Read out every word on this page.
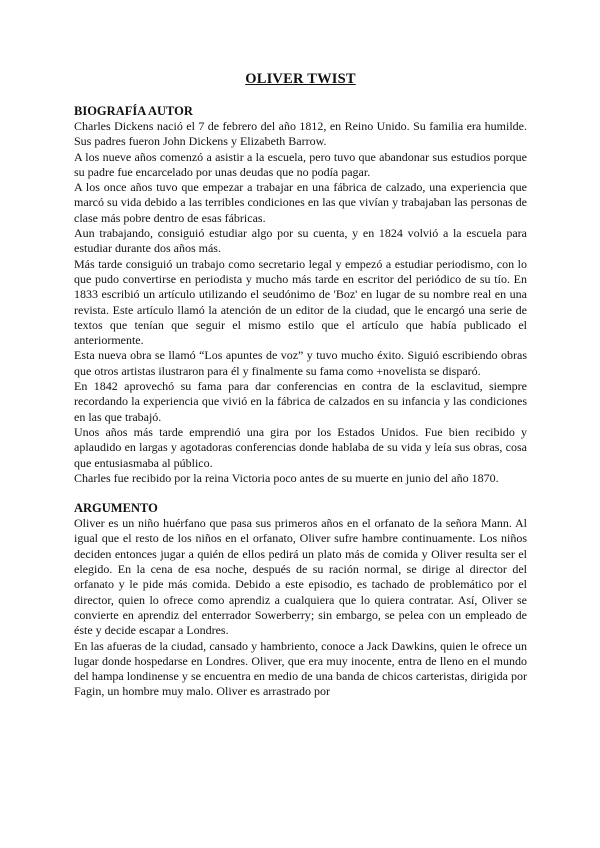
OLIVER TWIST

BIOGRAFÍA AUTOR

Charles Dickens nació el 7 de febrero del año 1812, en Reino Unido. Su familia era humilde. Sus padres fueron John Dickens y Elizabeth Barrow.

A los nueve años comenzó a asistir a la escuela, pero tuvo que abandonar sus estudios porque su padre fue encarcelado por unas deudas que no podía pagar.

A los once años tuvo que empezar a trabajar en una fábrica de calzado, una experiencia que marcó su vida debido a las terribles condiciones en las que vivían y trabajaban las personas de clase más pobre dentro de esas fábricas.

Aun trabajando, consiguió estudiar algo por su cuenta, y en 1824 volvió a la escuela para estudiar durante dos años más.

Más tarde consiguió un trabajo como secretario legal y empezó a estudiar periodismo, con lo que pudo convertirse en periodista y mucho más tarde en escritor del periódico de su tío. En 1833 escribió un artículo utilizando el seudónimo de 'Boz' en lugar de su nombre real en una revista. Este artículo llamó la atención de un editor de la ciudad, que le encargó una serie de textos que tenían que seguir el mismo estilo que el artículo que había publicado el anteriormente.

Esta nueva obra se llamó “Los apuntes de voz” y tuvo mucho éxito. Siguió escribiendo obras que otros artistas ilustraron para él y finalmente su fama como +novelista se disparó.

En 1842 aprovechó su fama para dar conferencias en contra de la esclavitud, siempre recordando la experiencia que vivió en la fábrica de calzados en su infancia y las condiciones en las que trabajó.

Unos años más tarde emprendió una gira por los Estados Unidos. Fue bien recibido y aplaudido en largas y agotadoras conferencias donde hablaba de su vida y leía sus obras, cosa que entusiasmaba al público.

Charles fue recibido por la reina Victoria poco antes de su muerte en junio del año 1870.

ARGUMENTO

Oliver es un niño huérfano que pasa sus primeros años en el orfanato de la señora Mann. Al igual que el resto de los niños en el orfanato, Oliver sufre hambre continuamente. Los niños deciden entonces jugar a quién de ellos pedirá un plato más de comida y Oliver resulta ser el elegido. En la cena de esa noche, después de su ración normal, se dirige al director del orfanato y le pide más comida. Debido a este episodio, es tachado de problemático por el director, quien lo ofrece como aprendiz a cualquiera que lo quiera contratar. Así, Oliver se convierte en aprendiz del enterrador Sowerberry; sin embargo, se pelea con un empleado de éste y decide escapar a Londres.

En las afueras de la ciudad, cansado y hambriento, conoce a Jack Dawkins, quien le ofrece un lugar donde hospedarse en Londres. Oliver, que era muy inocente, entra de lleno en el mundo del hampa londinense y se encuentra en medio de una banda de chicos carteristas, dirigida por Fagin, un hombre muy malo. Oliver es arrastrado por
